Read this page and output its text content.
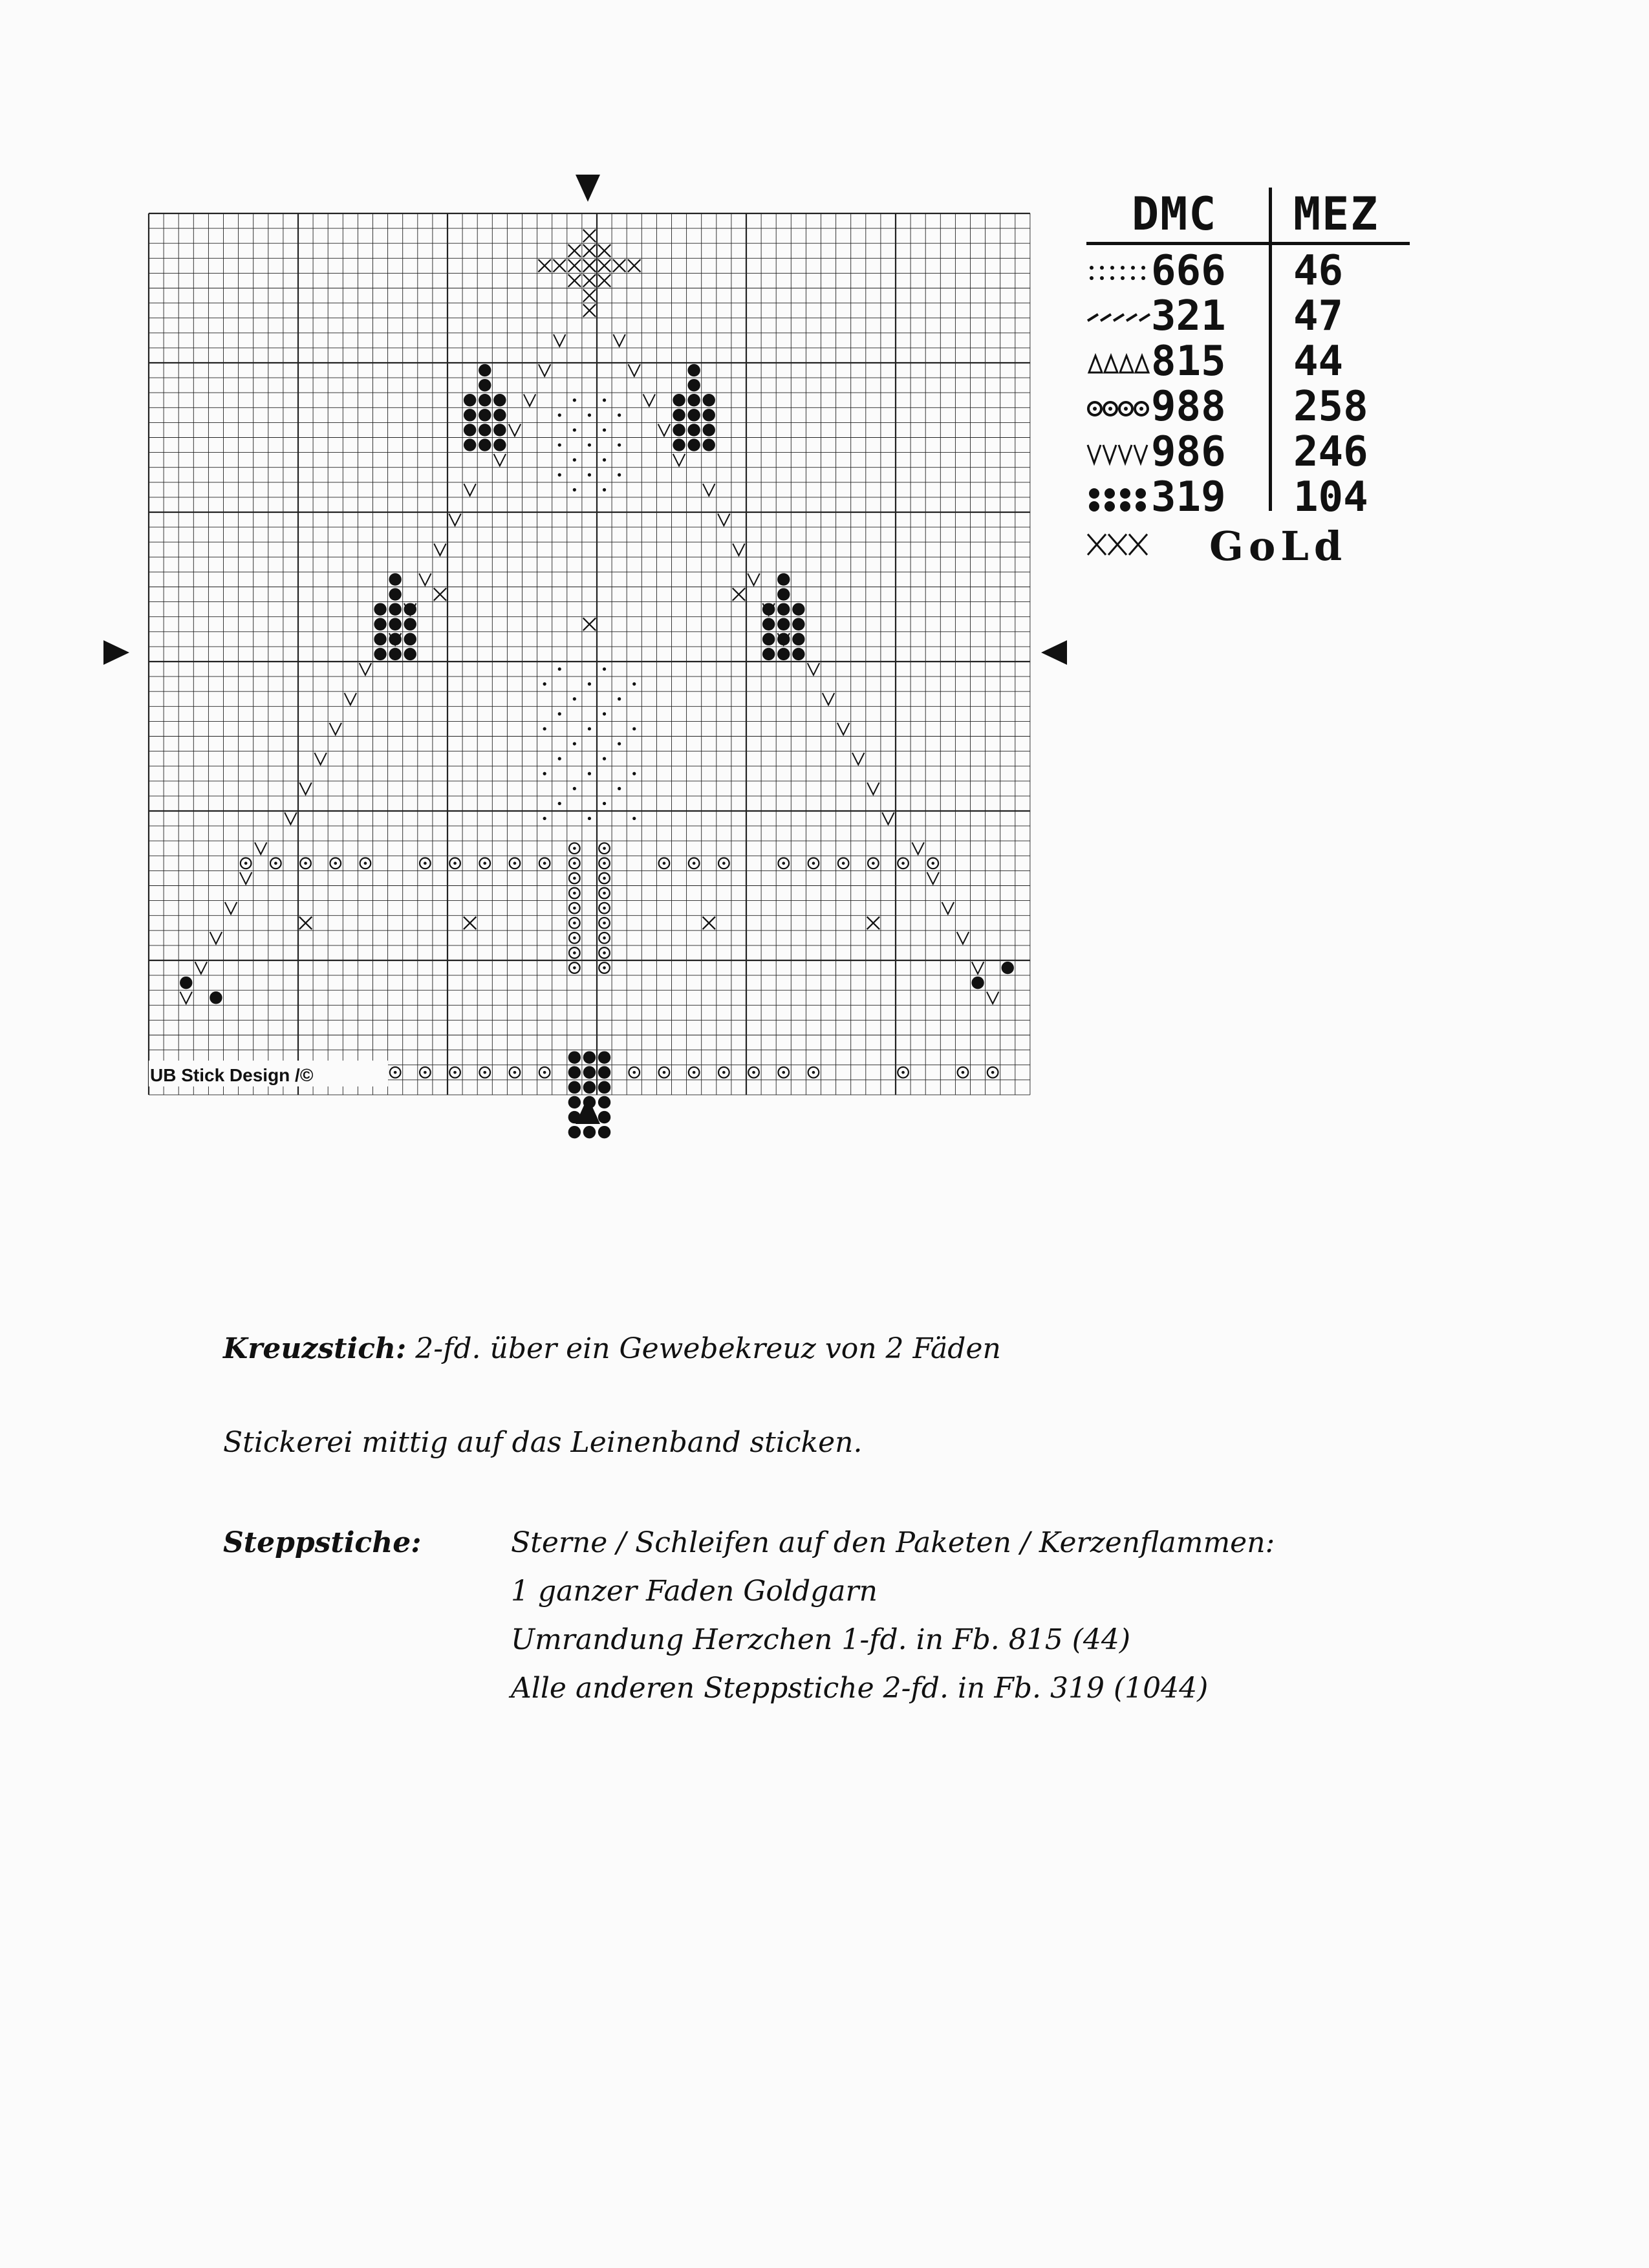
UB Stick Design /©
DMC MEZ
666 46
321 47
815 44
988 258
986 246
319 104
GoLd
Kreuzstich: 2-fd. über ein Gewebekreuz von 2 Fäden
Stickerei mittig auf das Leinenband sticken.
Steppstiche:	Sterne / Schleifen auf den Paketen / Kerzenflammen:
1 ganzer Faden Goldgarn
Umrandung Herzchen 1-fd. in Fb. 815 (44)
Alle anderen Steppstiche 2-fd. in Fb. 319 (1044)
